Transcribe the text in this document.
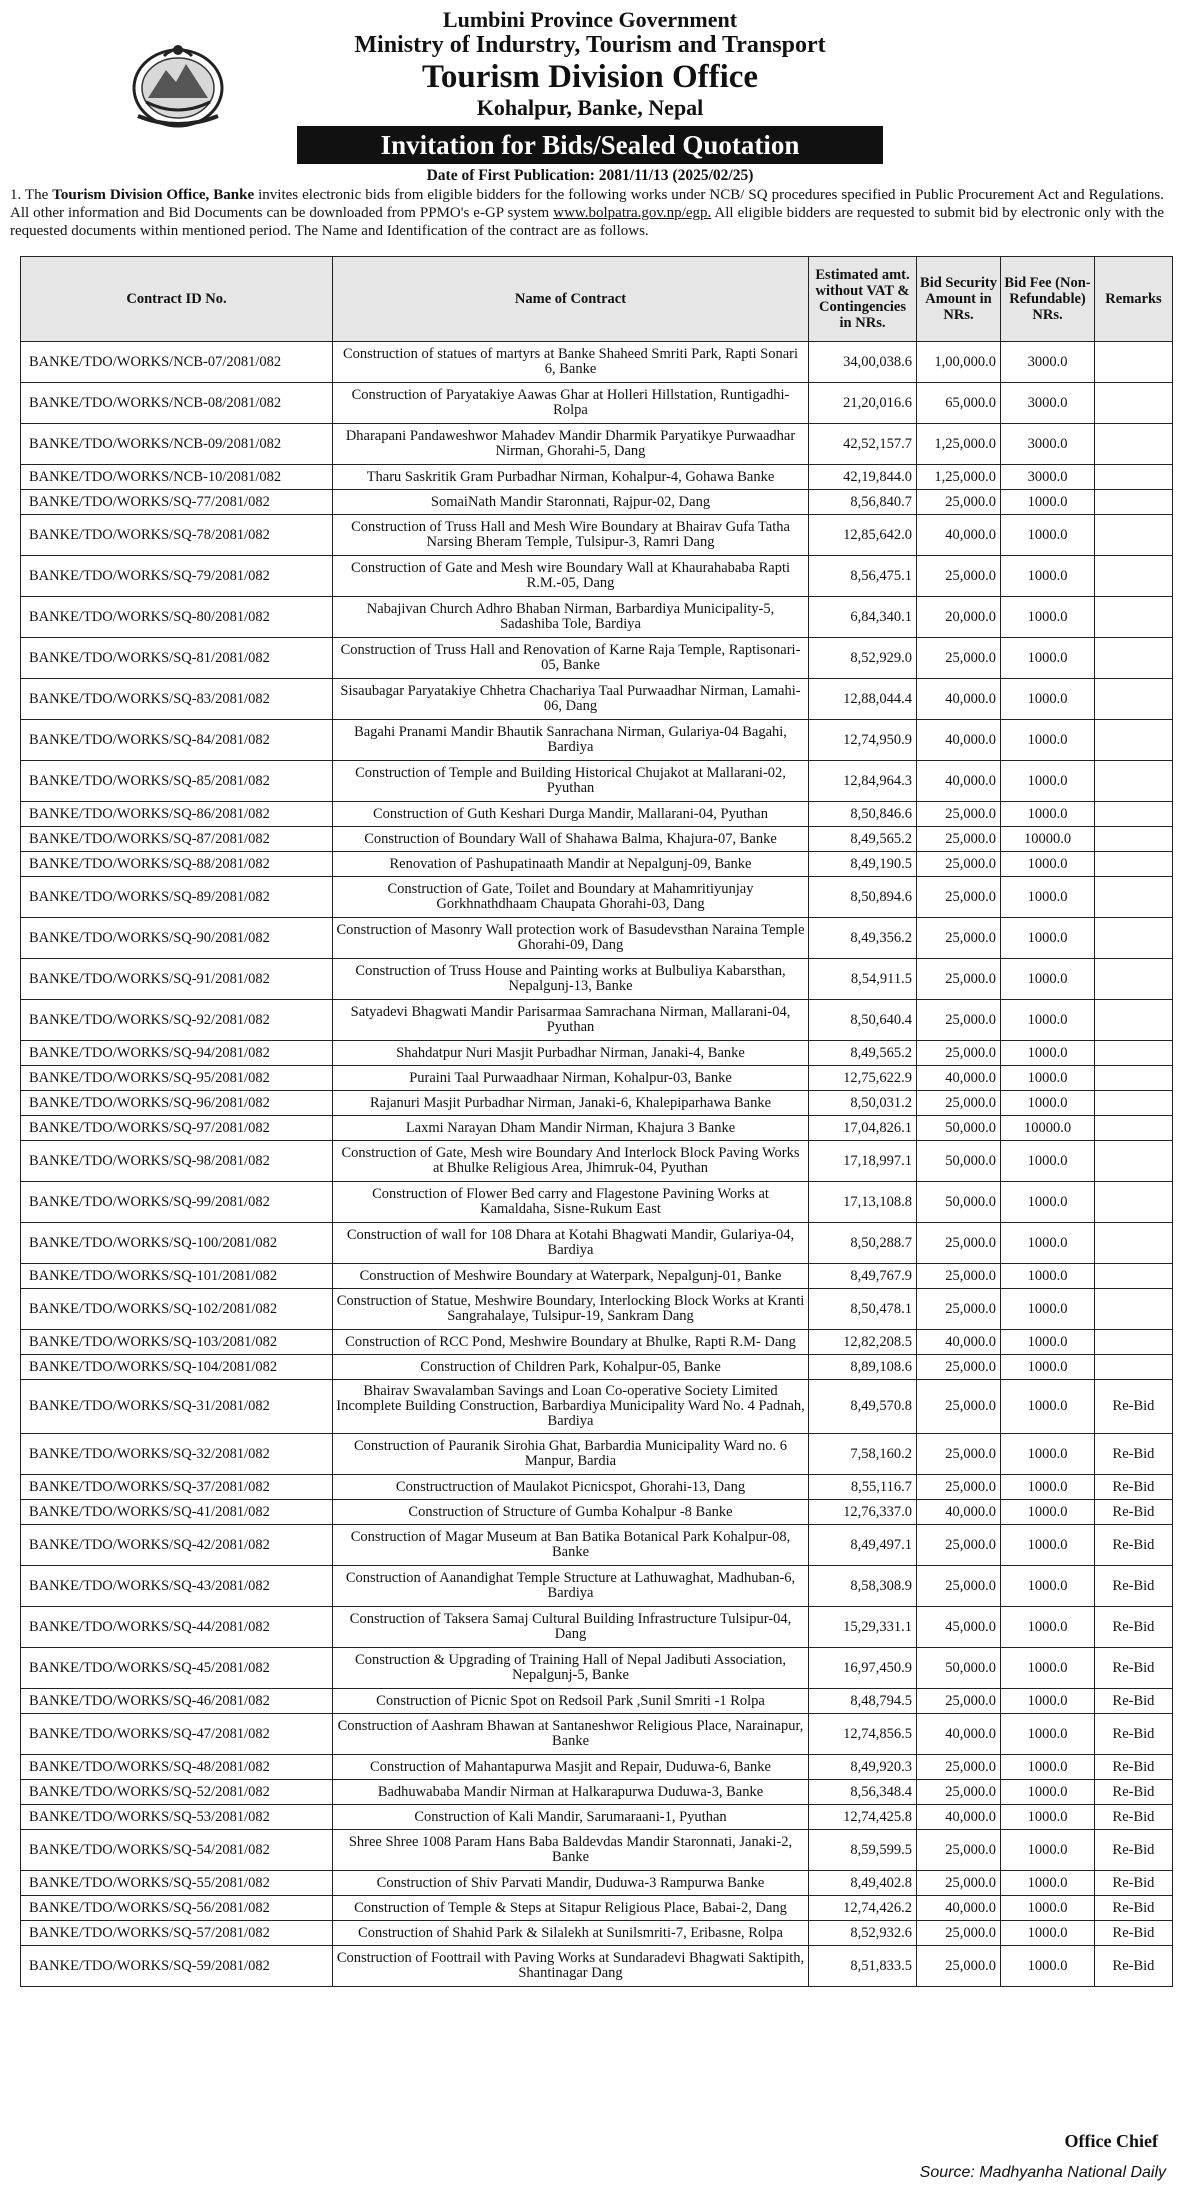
Lumbini Province Government
Ministry of Indurstry, Tourism and Transport
Tourism Division Office
Kohalpur, Banke, Nepal
Invitation for Bids/Sealed Quotation
Date of First Publication: 2081/11/13 (2025/02/25)
1. The Tourism Division Office, Banke invites electronic bids from eligible bidders for the following works under NCB/ SQ procedures specified in Public Procurement Act and Regulations. All other information and Bid Documents can be downloaded from PPMO's e-GP system www.bolpatra.gov.np/egp. All eligible bidders are requested to submit bid by electronic only with the requested documents within mentioned period. The Name and Identification of the contract are as follows.
Contract ID No.	Name of Contract	Estimated amt. without VAT & Contingencies in NRs.	Bid Security Amount in NRs.	Bid Fee (Non-Refundable) NRs.	Remarks
BANKE/TDO/WORKS/NCB-07/2081/082	Construction of statues of martyrs at Banke Shaheed Smriti Park, Rapti Sonari 6, Banke	34,00,038.6	1,00,000.0	3000.0	
BANKE/TDO/WORKS/NCB-08/2081/082	Construction of Paryatakiye Aawas Ghar at Holleri Hillstation, Runtigadhi-Rolpa	21,20,016.6	65,000.0	3000.0	
BANKE/TDO/WORKS/NCB-09/2081/082	Dharapani Pandaweshwor Mahadev Mandir Dharmik Paryatikye Purwaadhar Nirman, Ghorahi-5, Dang	42,52,157.7	1,25,000.0	3000.0	
BANKE/TDO/WORKS/NCB-10/2081/082	Tharu Saskritik Gram Purbadhar Nirman, Kohalpur-4, Gohawa Banke	42,19,844.0	1,25,000.0	3000.0	
BANKE/TDO/WORKS/SQ-77/2081/082	SomaiNath Mandir Staronnati, Rajpur-02, Dang	8,56,840.7	25,000.0	1000.0	
BANKE/TDO/WORKS/SQ-78/2081/082	Construction of Truss Hall and Mesh Wire Boundary at Bhairav Gufa Tatha Narsing Bheram Temple, Tulsipur-3, Ramri Dang	12,85,642.0	40,000.0	1000.0	
BANKE/TDO/WORKS/SQ-79/2081/082	Construction of Gate and Mesh wire Boundary Wall at Khaurahababa Rapti R.M.-05, Dang	8,56,475.1	25,000.0	1000.0	
BANKE/TDO/WORKS/SQ-80/2081/082	Nabajivan Church Adhro Bhaban Nirman, Barbardiya Municipality-5, Sadashiba Tole, Bardiya	6,84,340.1	20,000.0	1000.0	
BANKE/TDO/WORKS/SQ-81/2081/082	Construction of Truss Hall and Renovation of Karne Raja Temple, Raptisonari-05, Banke	8,52,929.0	25,000.0	1000.0	
BANKE/TDO/WORKS/SQ-83/2081/082	Sisaubagar Paryatakiye Chhetra Chachariya Taal Purwaadhar Nirman, Lamahi-06, Dang	12,88,044.4	40,000.0	1000.0	
BANKE/TDO/WORKS/SQ-84/2081/082	Bagahi Pranami Mandir Bhautik Sanrachana Nirman, Gulariya-04 Bagahi, Bardiya	12,74,950.9	40,000.0	1000.0	
BANKE/TDO/WORKS/SQ-85/2081/082	Construction of Temple and Building Historical Chujakot at Mallarani-02, Pyuthan	12,84,964.3	40,000.0	1000.0	
BANKE/TDO/WORKS/SQ-86/2081/082	Construction of Guth Keshari Durga Mandir, Mallarani-04, Pyuthan	8,50,846.6	25,000.0	1000.0	
BANKE/TDO/WORKS/SQ-87/2081/082	Construction of Boundary Wall of Shahawa Balma, Khajura-07, Banke	8,49,565.2	25,000.0	10000.0	
BANKE/TDO/WORKS/SQ-88/2081/082	Renovation of Pashupatinaath Mandir at Nepalgunj-09, Banke	8,49,190.5	25,000.0	1000.0	
BANKE/TDO/WORKS/SQ-89/2081/082	Construction of Gate, Toilet and Boundary at Mahamritiyunjay Gorkhnathdhaam Chaupata Ghorahi-03, Dang	8,50,894.6	25,000.0	1000.0	
BANKE/TDO/WORKS/SQ-90/2081/082	Construction of Masonry Wall protection work of Basudevsthan Naraina Temple Ghorahi-09, Dang	8,49,356.2	25,000.0	1000.0	
BANKE/TDO/WORKS/SQ-91/2081/082	Construction of Truss House and Painting works at Bulbuliya Kabarsthan, Nepalgunj-13, Banke	8,54,911.5	25,000.0	1000.0	
BANKE/TDO/WORKS/SQ-92/2081/082	Satyadevi Bhagwati Mandir Parisarmaa Samrachana Nirman, Mallarani-04, Pyuthan	8,50,640.4	25,000.0	1000.0	
BANKE/TDO/WORKS/SQ-94/2081/082	Shahdatpur Nuri Masjit Purbadhar Nirman, Janaki-4, Banke	8,49,565.2	25,000.0	1000.0	
BANKE/TDO/WORKS/SQ-95/2081/082	Puraini Taal Purwaadhaar Nirman, Kohalpur-03, Banke	12,75,622.9	40,000.0	1000.0	
BANKE/TDO/WORKS/SQ-96/2081/082	Rajanuri Masjit Purbadhar Nirman, Janaki-6, Khalepiparhawa Banke	8,50,031.2	25,000.0	1000.0	
BANKE/TDO/WORKS/SQ-97/2081/082	Laxmi Narayan Dham Mandir Nirman, Khajura 3 Banke	17,04,826.1	50,000.0	10000.0	
BANKE/TDO/WORKS/SQ-98/2081/082	Construction of Gate, Mesh wire Boundary And Interlock Block Paving Works at Bhulke Religious Area, Jhimruk-04, Pyuthan	17,18,997.1	50,000.0	1000.0	
BANKE/TDO/WORKS/SQ-99/2081/082	Construction of Flower Bed carry and Flagestone Pavining Works at Kamaldaha, Sisne-Rukum East	17,13,108.8	50,000.0	1000.0	
BANKE/TDO/WORKS/SQ-100/2081/082	Construction of wall for 108 Dhara at Kotahi Bhagwati Mandir, Gulariya-04, Bardiya	8,50,288.7	25,000.0	1000.0	
BANKE/TDO/WORKS/SQ-101/2081/082	Construction of Meshwire Boundary at Waterpark, Nepalgunj-01, Banke	8,49,767.9	25,000.0	1000.0	
BANKE/TDO/WORKS/SQ-102/2081/082	Construction of Statue, Meshwire Boundary, Interlocking Block Works at Kranti Sangrahalaye, Tulsipur-19, Sankram Dang	8,50,478.1	25,000.0	1000.0	
BANKE/TDO/WORKS/SQ-103/2081/082	Construction of RCC Pond, Meshwire Boundary at Bhulke, Rapti R.M- Dang	12,82,208.5	40,000.0	1000.0	
BANKE/TDO/WORKS/SQ-104/2081/082	Construction of Children Park, Kohalpur-05, Banke	8,89,108.6	25,000.0	1000.0	
BANKE/TDO/WORKS/SQ-31/2081/082	Bhairav Swavalamban Savings and Loan Co-operative Society Limited Incomplete Building Construction, Barbardiya Municipality Ward No. 4 Padnah, Bardiya	8,49,570.8	25,000.0	1000.0	Re-Bid
BANKE/TDO/WORKS/SQ-32/2081/082	Construction of Pauranik Sirohia Ghat, Barbardia Municipality Ward no. 6 Manpur, Bardia	7,58,160.2	25,000.0	1000.0	Re-Bid
BANKE/TDO/WORKS/SQ-37/2081/082	Constructruction of Maulakot Picnicspot, Ghorahi-13, Dang	8,55,116.7	25,000.0	1000.0	Re-Bid
BANKE/TDO/WORKS/SQ-41/2081/082	Construction of Structure of Gumba Kohalpur -8 Banke	12,76,337.0	40,000.0	1000.0	Re-Bid
BANKE/TDO/WORKS/SQ-42/2081/082	Construction of Magar Museum at Ban Batika Botanical Park Kohalpur-08, Banke	8,49,497.1	25,000.0	1000.0	Re-Bid
BANKE/TDO/WORKS/SQ-43/2081/082	Construction of Aanandighat Temple Structure at Lathuwaghat, Madhuban-6, Bardiya	8,58,308.9	25,000.0	1000.0	Re-Bid
BANKE/TDO/WORKS/SQ-44/2081/082	Construction of Taksera Samaj Cultural Building Infrastructure Tulsipur-04, Dang	15,29,331.1	45,000.0	1000.0	Re-Bid
BANKE/TDO/WORKS/SQ-45/2081/082	Construction & Upgrading of Training Hall of Nepal Jadibuti Association, Nepalgunj-5, Banke	16,97,450.9	50,000.0	1000.0	Re-Bid
BANKE/TDO/WORKS/SQ-46/2081/082	Construction of Picnic Spot on Redsoil Park ,Sunil Smriti -1 Rolpa	8,48,794.5	25,000.0	1000.0	Re-Bid
BANKE/TDO/WORKS/SQ-47/2081/082	Construction of Aashram Bhawan at Santaneshwor Religious Place, Narainapur, Banke	12,74,856.5	40,000.0	1000.0	Re-Bid
BANKE/TDO/WORKS/SQ-48/2081/082	Construction of Mahantapurwa Masjit and Repair, Duduwa-6, Banke	8,49,920.3	25,000.0	1000.0	Re-Bid
BANKE/TDO/WORKS/SQ-52/2081/082	Badhuwababa Mandir Nirman at Halkarapurwa Duduwa-3, Banke	8,56,348.4	25,000.0	1000.0	Re-Bid
BANKE/TDO/WORKS/SQ-53/2081/082	Construction of Kali Mandir, Sarumaraani-1, Pyuthan	12,74,425.8	40,000.0	1000.0	Re-Bid
BANKE/TDO/WORKS/SQ-54/2081/082	Shree Shree 1008 Param Hans Baba Baldevdas Mandir Staronnati, Janaki-2, Banke	8,59,599.5	25,000.0	1000.0	Re-Bid
BANKE/TDO/WORKS/SQ-55/2081/082	Construction of Shiv Parvati Mandir, Duduwa-3 Rampurwa Banke	8,49,402.8	25,000.0	1000.0	Re-Bid
BANKE/TDO/WORKS/SQ-56/2081/082	Construction of Temple & Steps at Sitapur Religious Place, Babai-2, Dang	12,74,426.2	40,000.0	1000.0	Re-Bid
BANKE/TDO/WORKS/SQ-57/2081/082	Construction of Shahid Park & Silalekh at Sunilsmriti-7, Eribasne, Rolpa	8,52,932.6	25,000.0	1000.0	Re-Bid
BANKE/TDO/WORKS/SQ-59/2081/082	Construction of Foottrail with Paving Works at Sundaradevi Bhagwati Saktipith, Shantinagar Dang	8,51,833.5	25,000.0	1000.0	Re-Bid
Office Chief
Source: Madhyanha National Daily
